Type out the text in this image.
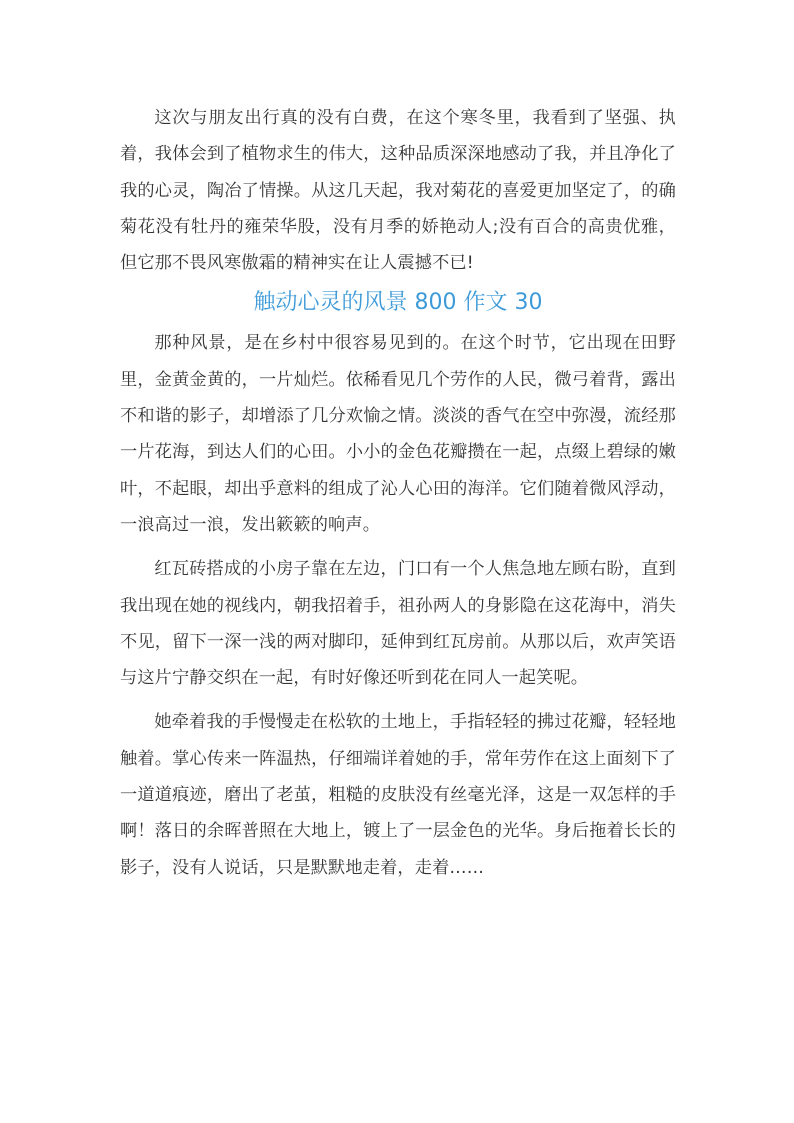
这次与朋友出行真的没有白费，在这个寒冬里，我看到了坚强、执着，我体会到了植物求生的伟大，这种品质深深地感动了我，并且净化了我的心灵，陶冶了情操。从这几天起，我对菊花的喜爱更加坚定了，的确菊花没有牡丹的雍荣华股，没有月季的娇艳动人;没有百合的高贵优雅，但它那不畏风寒傲霜的精神实在让人震撼不已!

触动心灵的风景 800 作文 30

那种风景，是在乡村中很容易见到的。在这个时节，它出现在田野里，金黄金黄的，一片灿烂。依稀看见几个劳作的人民，微弓着背，露出不和谐的影子，却增添了几分欢愉之情。淡淡的香气在空中弥漫，流经那一片花海，到达人们的心田。小小的金色花瓣攒在一起，点缀上碧绿的嫩叶，不起眼，却出乎意料的组成了沁人心田的海洋。它们随着微风浮动，一浪高过一浪，发出簌簌的响声。

红瓦砖搭成的小房子靠在左边，门口有一个人焦急地左顾右盼，直到我出现在她的视线内，朝我招着手，祖孙两人的身影隐在这花海中，消失不见，留下一深一浅的两对脚印，延伸到红瓦房前。从那以后，欢声笑语与这片宁静交织在一起，有时好像还听到花在同人一起笑呢。

她牵着我的手慢慢走在松软的土地上，手指轻轻的拂过花瓣，轻轻地触着。掌心传来一阵温热，仔细端详着她的手，常年劳作在这上面刻下了一道道痕迹，磨出了老茧，粗糙的皮肤没有丝毫光泽，这是一双怎样的手啊！落日的余晖普照在大地上，镀上了一层金色的光华。身后拖着长长的影子，没有人说话，只是默默地走着，走着……
